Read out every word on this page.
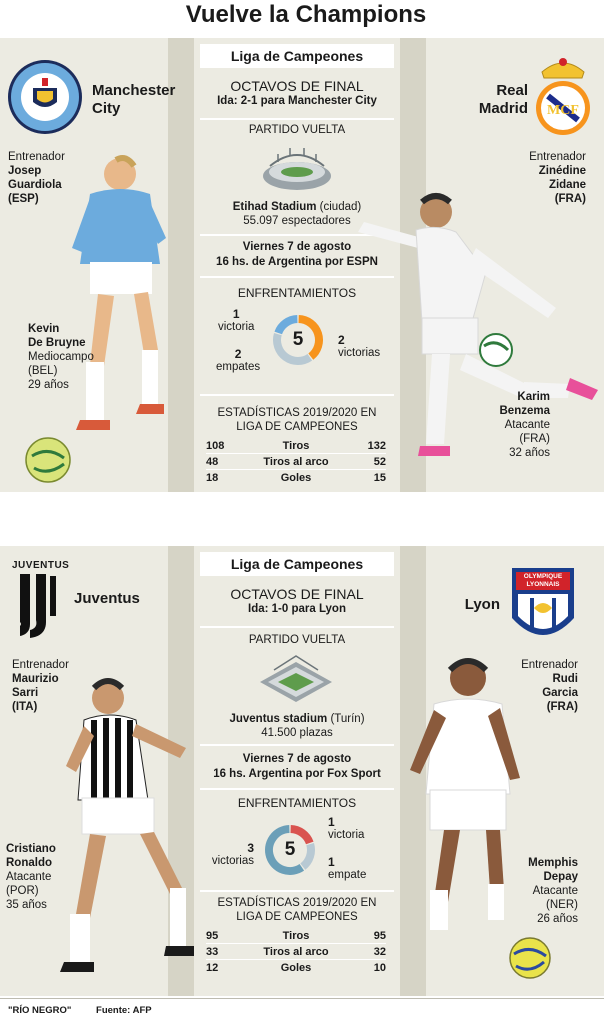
Vuelve la Champions
Manchester
City
Entrenador
Josep
Guardiola
(ESP)
Kevin
De Bruyne
Mediocampo
(BEL)
29 años
Liga de Campeones
OCTAVOS DE FINAL
Ida: 2-1 para Manchester City
PARTIDO VUELTA
Etihad Stadium (ciudad)
55.097 espectadores
Viernes 7 de agosto
16 hs. de Argentina por ESPN
ENFRENTAMIENTOS
1
victoria
2
empates
5	2
victorias
ESTADÍSTICAS 2019/2020 EN
LIGA DE CAMPEONES
108	Tiros	132
48	Tiros al arco	52
18	Goles	15
Real
Madrid MCF
Entrenador
Zinédine
Zidane
(FRA)
Karim
Benzema
Atacante
(FRA)
32 años
JUVENTUS
Juventus
Entrenador
Maurizio
Sarri
(ITA)
Cristiano
Ronaldo
Atacante
(POR)
35 años
Liga de Campeones
OCTAVOS DE FINAL
Ida: 1-0 para Lyon
PARTIDO VUELTA
Juventus stadium (Turín)
41.500 plazas
Viernes 7 de agosto
16 hs. Argentina por Fox Sport
ENFRENTAMIENTOS
3
victorias
5
1
victoria
1
empate
ESTADÍSTICAS 2019/2020 EN
LIGA DE CAMPEONES
95	Tiros	95
33	Tiros al arco	32
12	Goles	10
Lyon
OLYMPIQUE
LYONNAIS
Entrenador
Rudi
Garcia
(FRA)
Memphis
Depay
Atacante
(NER)
26 años
"RÍO NEGRO"	Fuente: AFP
